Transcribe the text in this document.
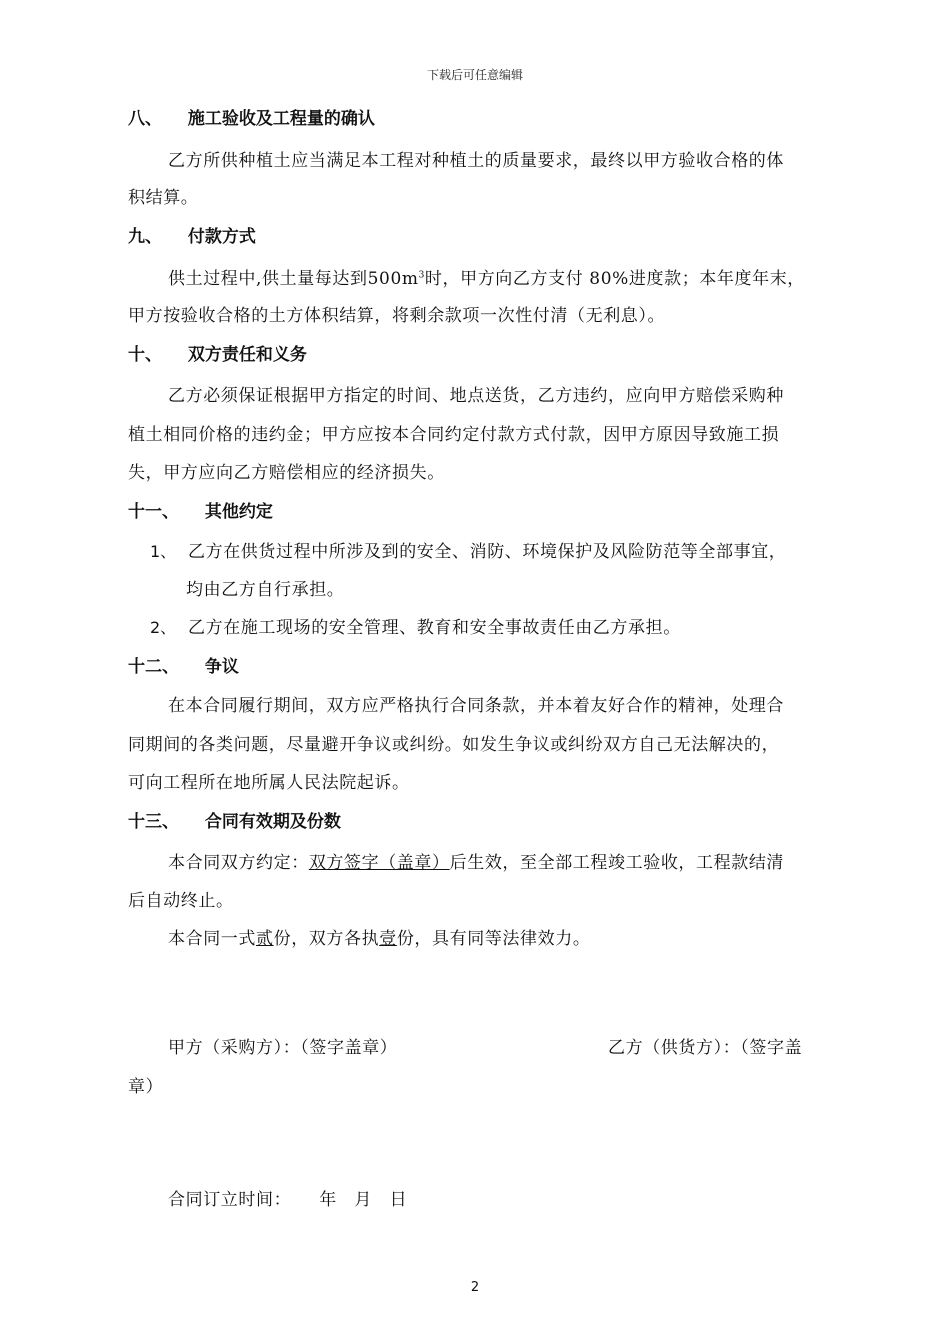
下载后可任意编辑
八、 施工验收及工程量的确认
乙方所供种植土应当满足本工程对种植土的质量要求，最终以甲方验收合格的体
积结算。
九、 付款方式
供土过程中,供土量每达到$500m^3$时，甲方向乙方支付 80%进度款；本年度年末，
甲方按验收合格的土方体积结算，将剩余款项一次性付清（无利息）。
十、 双方责任和义务
乙方必须保证根据甲方指定的时间、地点送货，乙方违约，应向甲方赔偿采购种
植土相同价格的违约金；甲方应按本合同约定付款方式付款，因甲方原因导致施工损
失，甲方应向乙方赔偿相应的经济损失。
十一、 其他约定
1、 乙方在供货过程中所涉及到的安全、消防、环境保护及风险防范等全部事宜，
均由乙方自行承担。
2、 乙方在施工现场的安全管理、教育和安全事故责任由乙方承担。
十二、 争议
在本合同履行期间，双方应严格执行合同条款，并本着友好合作的精神，处理合
同期间的各类问题，尽量避开争议或纠纷。如发生争议或纠纷双方自己无法解决的，
可向工程所在地所属人民法院起诉。
十三、 合同有效期及份数
本合同双方约定：双方签字（盖章）后生效，至全部工程竣工验收，工程款结清
后自动终止。
本合同一式贰份，双方各执壹份，具有同等法律效力。
甲方（采购方）：（签字盖章）	乙方（供货方）：（签字盖
章）
合同订立时间： 年　月　日
2
